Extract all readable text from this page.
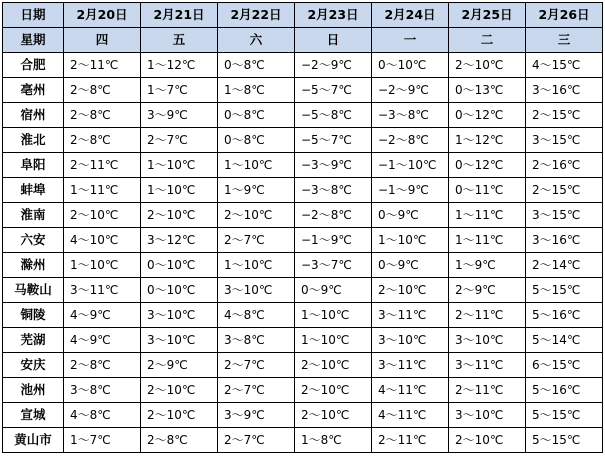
日期	2月20日	2月21日	2月22日	2月23日	2月24日	2月25日	2月26日
星期	四	五	六	日	一	二	三
合肥	2～11℃	1～12℃	0～8℃	−2～9℃	0～10℃	2～10℃	4～15℃
亳州	2～8℃	1～7℃	1～8℃	−5～7℃	−2～9℃	0～13℃	3～16℃
宿州	2～8℃	3～9℃	0～8℃	−5～8℃	−3～8℃	0～12℃	2～15℃
淮北	2～8℃	2～7℃	0～8℃	−5～7℃	−2～8℃	1～12℃	3～15℃
阜阳	2～11℃	1～10℃	1～10℃	−3～9℃	−1～10℃	0～12℃	2～16℃
蚌埠	1～11℃	1～10℃	1～9℃	−3～8℃	−1～9℃	0～11℃	2～15℃
淮南	2～10℃	2～10℃	2～10℃	−2～8℃	0～9℃	1～11℃	3～15℃
六安	4～10℃	3～12℃	2～7℃	−1～9℃	1～10℃	1～11℃	3～16℃
滁州	1～10℃	0～10℃	1～10℃	−3～7℃	0～9℃	1～9℃	2～14℃
马鞍山	3～11℃	0～10℃	3～10℃	0～9℃	2～10℃	2～9℃	5～15℃
铜陵	4～9℃	3～10℃	4～8℃	1～10℃	3～11℃	2～11℃	5～16℃
芜湖	4～9℃	3～10℃	3～8℃	1～10℃	3～10℃	3～10℃	5～14℃
安庆	2～8℃	2～9℃	2～7℃	2～10℃	3～11℃	3～11℃	6～15℃
池州	3～8℃	2～10℃	2～7℃	2～10℃	4～11℃	2～11℃	5～16℃
宣城	4～8℃	2～10℃	3～9℃	2～10℃	4～11℃	3～10℃	5～15℃
黄山市	1～7℃	2～8℃	2～7℃	1～8℃	2～11℃	2～10℃	5～15℃
